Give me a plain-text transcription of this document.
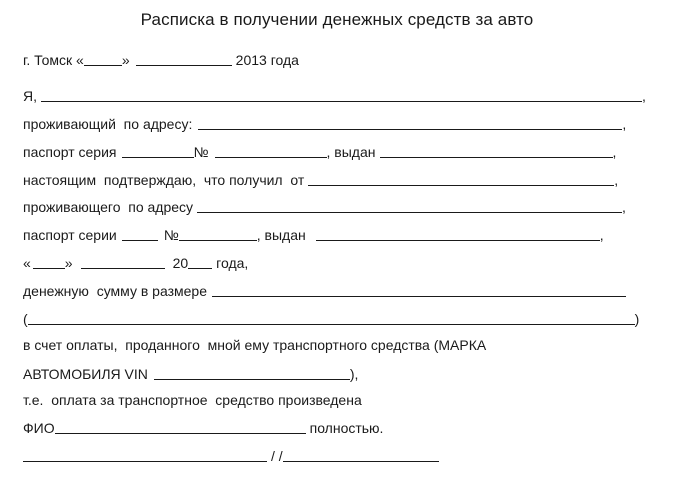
Расписка в получении денежных средств за авто
г. Томск «	»	2013 года
Я,	,
проживающий  по адресу:	,
паспорт серия	№	, выдан	,
настоящим  подтверждаю,  что получил  от	,
проживающего  по адресу	,
паспорт серии	№	, выдан	,
« »	20 года,
денежную  сумму в размере
(	)
в счет оплаты,  проданного  мной ему транспортного средства (МАРКА
АВТОМОБИЛЯ VIN	),
т.е.  оплата за транспортное  средство произведена
ФИО	полностью.
/ /
